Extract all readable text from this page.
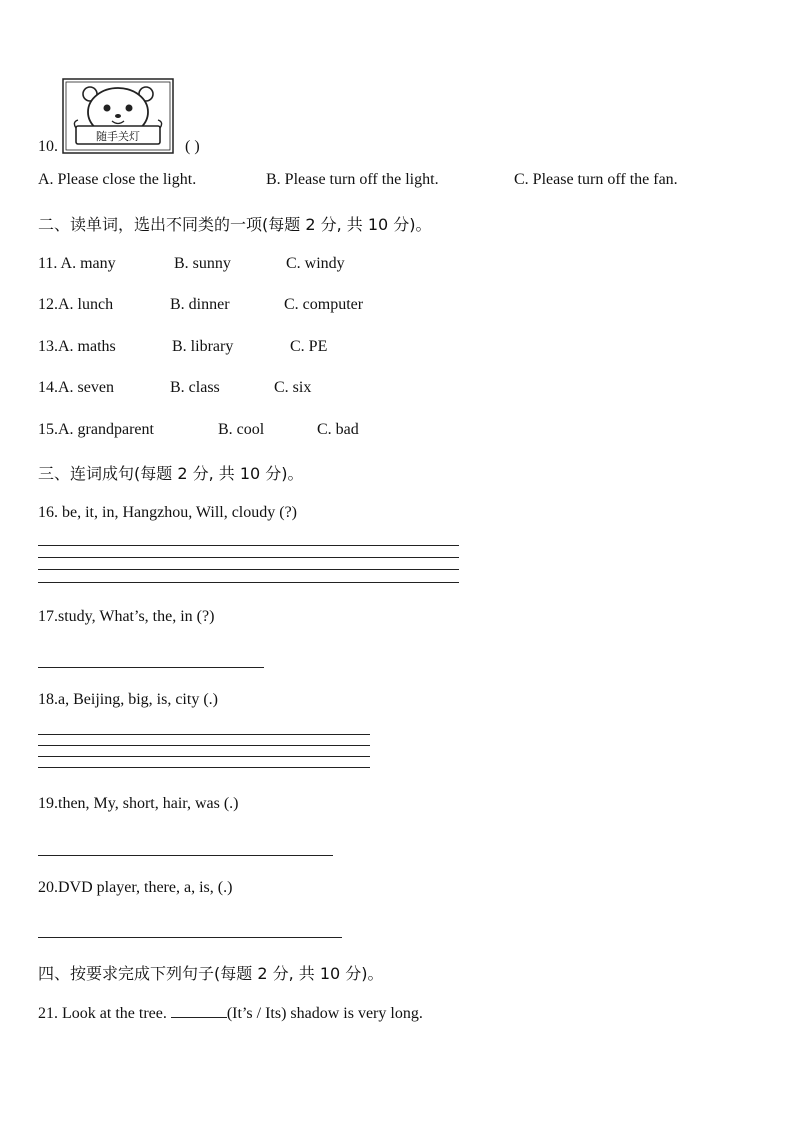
10.
随手关灯
( )
A. Please close the light.	B. Please turn off the light.	C. Please turn off the fan.
二、读单词，选出不同类的一项(每题 2 分, 共 10 分)。
11. A. many	B. sunny	C. windy
12.A. lunch	B. dinner	C. computer
13.A. maths	B. library	C. PE
14.A. seven	B. class	C. six
15.A. grandparent	B. cool	C. bad
三、连词成句(每题 2 分, 共 10 分)。
16. be, it, in, Hangzhou, Will, cloudy (?)
17.study, What’s, the, in (?)
18.a, Beijing, big, is, city (.)
19.then, My, short, hair, was (.)
20.DVD player, there, a, is, (.)
四、按要求完成下列句子(每题 2 分, 共 10 分)。
21. Look at the tree.	(It’s / Its) shadow is very long.
